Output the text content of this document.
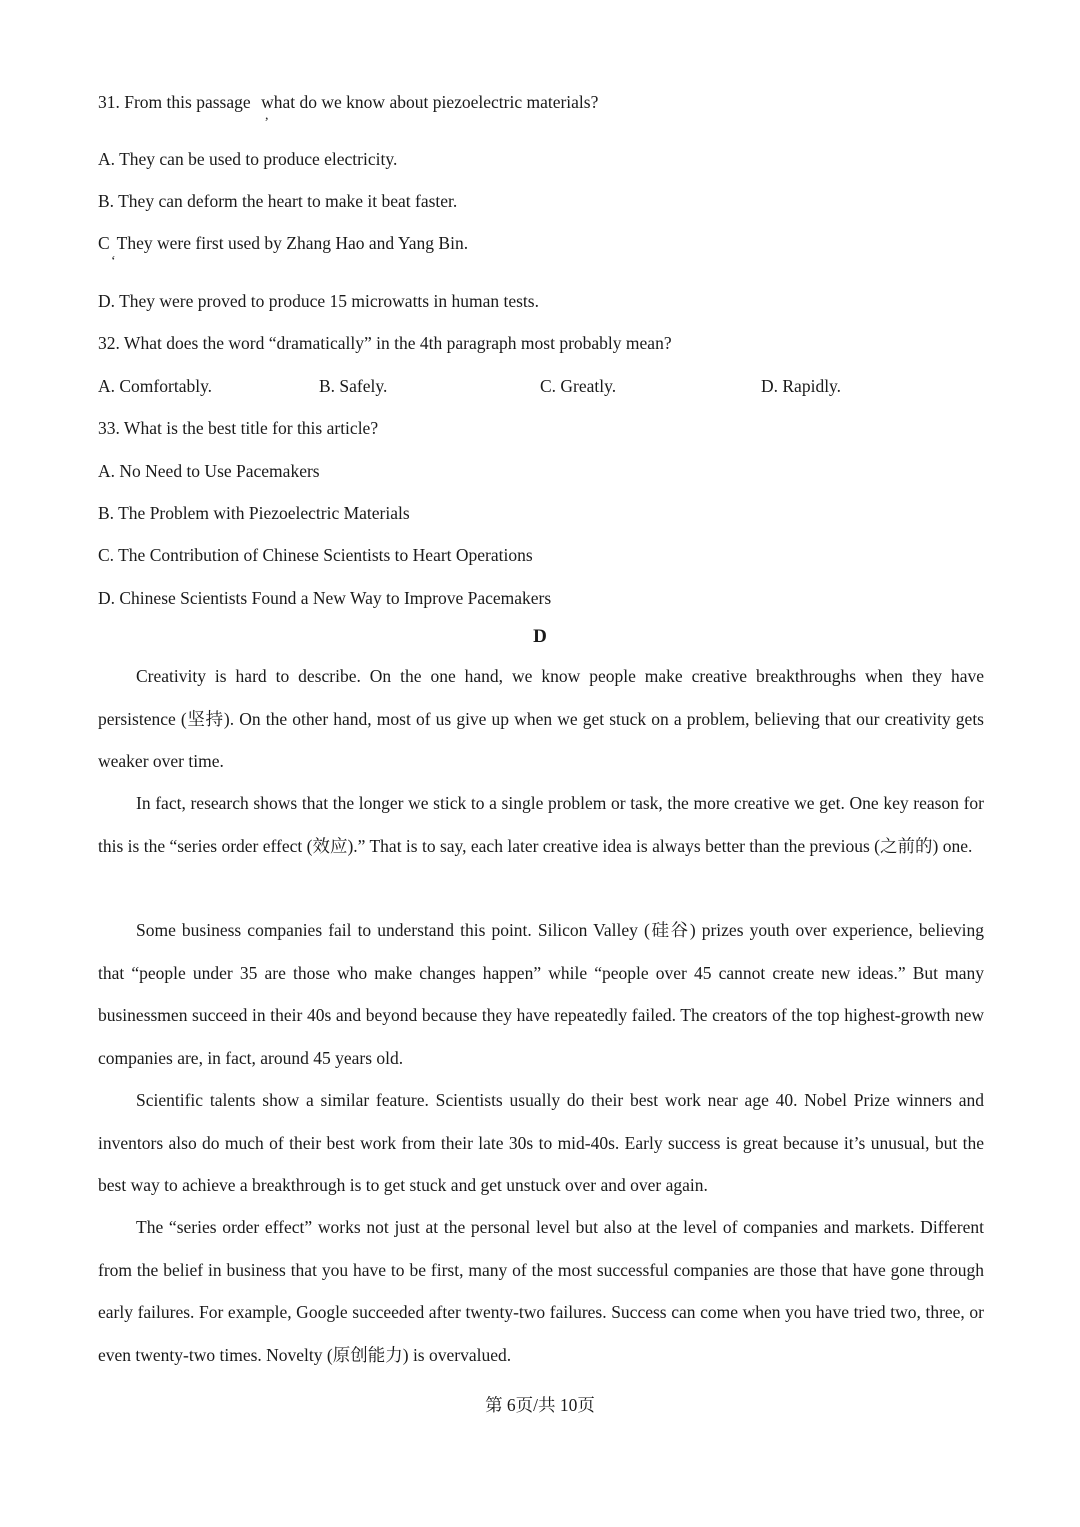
31. From this passage   what do we know about piezoelectric materials?
,
A. They can be used to produce electricity.
B. They can deform the heart to make it beat faster.
C  They were first used by Zhang Hao and Yang Bin.
ʻ
D. They were proved to produce 15 microwatts in human tests.
32. What does the word “dramatically” in the 4th paragraph most probably mean?
A. Comfortably.	B. Safely.	C. Greatly.	D. Rapidly.
33. What is the best title for this article?
A. No Need to Use Pacemakers
B. The Problem with Piezoelectric Materials
C. The Contribution of Chinese Scientists to Heart Operations
D. Chinese Scientists Found a New Way to Improve Pacemakers
D

Creativity is hard to describe. On the one hand, we know people make creative breakthroughs when they have persistence (坚持). On the other hand, most of us give up when we get stuck on a problem, believing that our creativity gets weaker over time.

In fact, research shows that the longer we stick to a single problem or task, the more creative we get. One key reason for this is the “series order effect (效应).” That is to say, each later creative idea is always better than the previous (之前的) one.

Some business companies fail to understand this point. Silicon Valley (硅谷) prizes youth over experience, believing that “people under 35 are those who make changes happen” while “people over 45 cannot create new ideas.” But many businessmen succeed in their 40s and beyond because they have repeatedly failed. The creators of the top highest-growth new companies are, in fact, around 45 years old.

Scientific talents show a similar feature. Scientists usually do their best work near age 40. Nobel Prize winners and inventors also do much of their best work from their late 30s to mid-40s. Early success is great because it’s unusual, but the best way to achieve a breakthrough is to get stuck and get unstuck over and over again.

The “series order effect” works not just at the personal level but also at the level of companies and markets. Different from the belief in business that you have to be first, many of the most successful companies are those that have gone through early failures. For example, Google succeeded after twenty-two failures. Success can come when you have tried two, three, or even twenty-two times. Novelty (原创能力) is overvalued.

第 6页/共 10页
